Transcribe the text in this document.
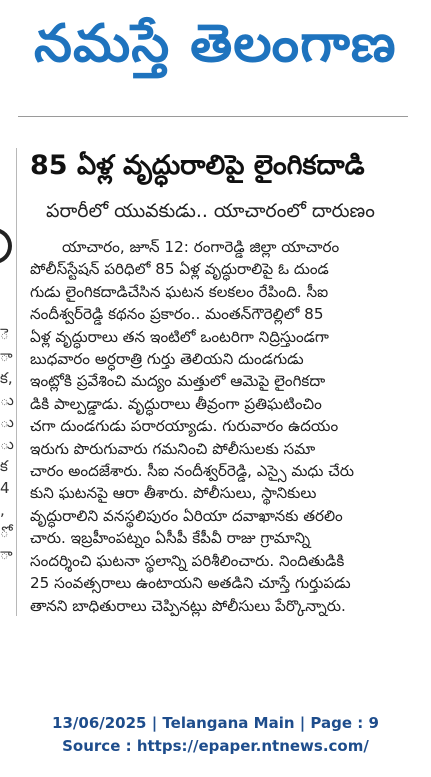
నమస్తే తెలంగాణ
ె
ా
క,
ు
ు
ు
క
4
,
ో
ా
85 ఏళ్ల వృద్ధురాలిపై లైంగికదాడి
పరారీలో యువకుడు.. యాచారంలో దారుణం
యాచారం, జూన్ 12: రంగారెడ్డి జిల్లా యాచారం
పోలీస్‌స్టేషన్ పరిధిలో 85 ఏళ్ల వృద్ధురాలిపై ఓ దుండ
గుడు లైంగికదాడిచేసిన ఘటన కలకలం రేపింది. సీఐ
నందీశ్వర్‌రెడ్డి కథనం ప్రకారం.. మంతన్‌గౌరెల్లిలో 85
ఏళ్ల వృద్ధురాలు తన ఇంటిలో ఒంటరిగా నిద్రిస్తుండగా
బుధవారం అర్ధరాత్రి గుర్తు తెలియని దుండగుడు
ఇంట్లోకి ప్రవేశించి మద్యం మత్తులో ఆమెపై లైంగికదా
డికి పాల్పడ్డాడు. వృద్ధురాలు తీవ్రంగా ప్రతిఘటించిం
చగా దుండగుడు పరారయ్యాడు. గురువారం ఉదయం
ఇరుగు పొరుగువారు గమనించి పోలీసులకు సమా
చారం అందజేశారు. సీఐ నందీశ్వర్‌రెడ్డి, ఎస్సై మధు చేరు
కుని ఘటనపై ఆరా తీశారు. పోలీసులు, స్థానికులు
వృద్ధురాలిని వనస్థలిపురం ఏరియా దవాఖానకు తరలిం
చారు. ఇబ్రహీంపట్నం ఏసీపీ కేపీవీ రాజు గ్రామాన్ని
సందర్శించి ఘటనా స్థలాన్ని పరిశీలించారు. నిందితుడికి
25 సంవత్సరాలు ఉంటాయని అతడిని చూస్తే గుర్తుపడు
తానని బాధితురాలు చెప్పినట్లు పోలీసులు పేర్కొన్నారు.
13/06/2025 | Telangana Main | Page : 9
Source : https://epaper.ntnews.com/
